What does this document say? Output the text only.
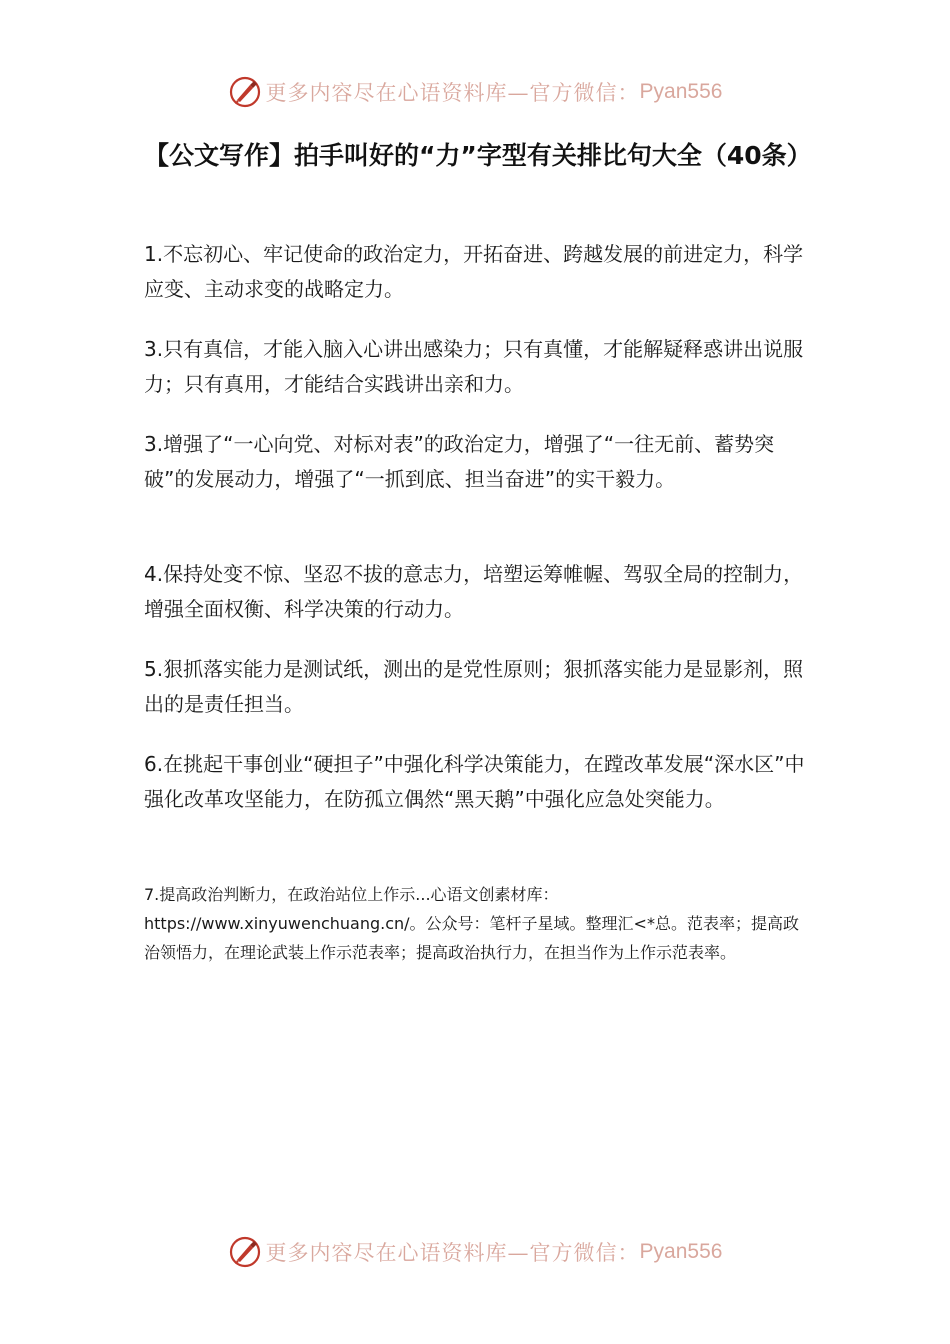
更多内容尽在心语资料库—官方微信： Pyan556
【公文写作】拍手叫好的“力”字型有关排比句大全（40条）

1.不忘初心、牢记使命的政治定力，开拓奋进、跨越发展的前进定力，科学应变、主动求变的战略定力。

3.只有真信，才能入脑入心讲出感染力；只有真懂，才能解疑释惑讲出说服力；只有真用，才能结合实践讲出亲和力。

3.增强了“一心向党、对标对表”的政治定力，增强了“一往无前、蓄势突破”的发展动力，增强了“一抓到底、担当奋进”的实干毅力。

4.保持处变不惊、坚忍不拔的意志力，培塑运筹帷幄、驾驭全局的控制力，增强全面权衡、科学决策的行动力。

5.狠抓落实能力是测试纸，测出的是党性原则；狠抓落实能力是显影剂，照出的是责任担当。

6.在挑起干事创业“硬担子”中强化科学决策能力，在蹚改革发展“深水区”中强化改革攻坚能力，在防孤立偶然“黑天鹅”中强化应急处突能力。

7.提高政治判断力，在政治站位上作示...心语文创素材库：https://www.xinyuwenchuang.cn/。公众号：笔杆子星域。整理汇<*总。范表率；提高政治领悟力，在理论武装上作示范表率；提高政治执行力，在担当作为上作示范表率。

更多内容尽在心语资料库—官方微信： Pyan556
